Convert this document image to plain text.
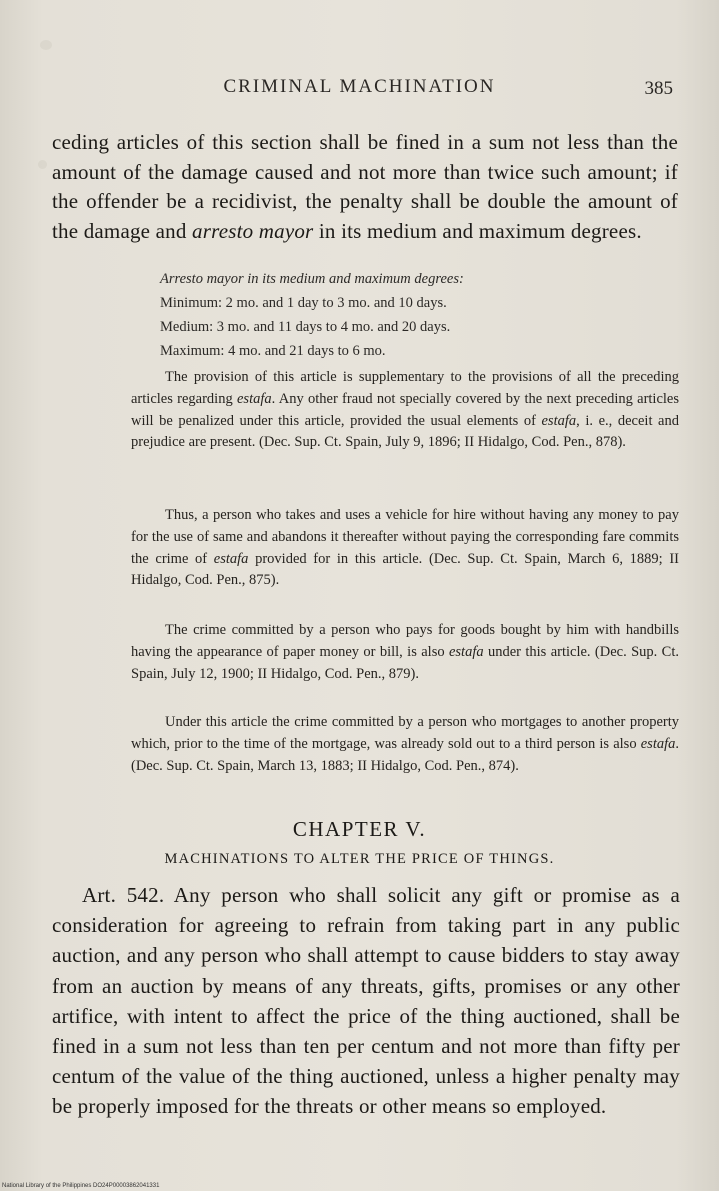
CRIMINAL MACHINATION	385

ceding articles of this section shall be fined in a sum not less than the amount of the damage caused and not more than twice such amount; if the offender be a recidivist, the penalty shall be double the amount of the damage and arresto mayor in its medium and maximum degrees.

Arresto mayor in its medium and maximum degrees:
Minimum: 2 mo. and 1 day to 3 mo. and 10 days.
Medium: 3 mo. and 11 days to 4 mo. and 20 days.
Maximum: 4 mo. and 21 days to 6 mo.

The provision of this article is supplementary to the provisions of all the preceding articles regarding estafa. Any other fraud not specially covered by the next preceding articles will be penalized under this article, provided the usual elements of estafa, i. e., deceit and prejudice are present. (Dec. Sup. Ct. Spain, July 9, 1896; II Hidalgo, Cod. Pen., 878).

Thus, a person who takes and uses a vehicle for hire without having any money to pay for the use of same and abandons it thereafter without paying the corresponding fare commits the crime of estafa provided for in this article. (Dec. Sup. Ct. Spain, March 6, 1889; II Hidalgo, Cod. Pen., 875).

The crime committed by a person who pays for goods bought by him with handbills having the appearance of paper money or bill, is also estafa under this article. (Dec. Sup. Ct. Spain, July 12, 1900; II Hidalgo, Cod. Pen., 879).

Under this article the crime committed by a person who mortgages to another property which, prior to the time of the mortgage, was already sold out to a third person is also estafa. (Dec. Sup. Ct. Spain, March 13, 1883; II Hidalgo, Cod. Pen., 874).

CHAPTER V.
MACHINATIONS TO ALTER THE PRICE OF THINGS.

Art. 542. Any person who shall solicit any gift or promise as a consideration for agreeing to refrain from taking part in any public auction, and any person who shall attempt to cause bidders to stay away from an auction by means of any threats, gifts, promises or any other artifice, with intent to affect the price of the thing auctioned, shall be fined in a sum not less than ten per centum and not more than fifty per centum of the value of the thing auctioned, unless a higher penalty may be properly imposed for the threats or other means so employed.

National Library of the Philippines DO24P00003862041331
